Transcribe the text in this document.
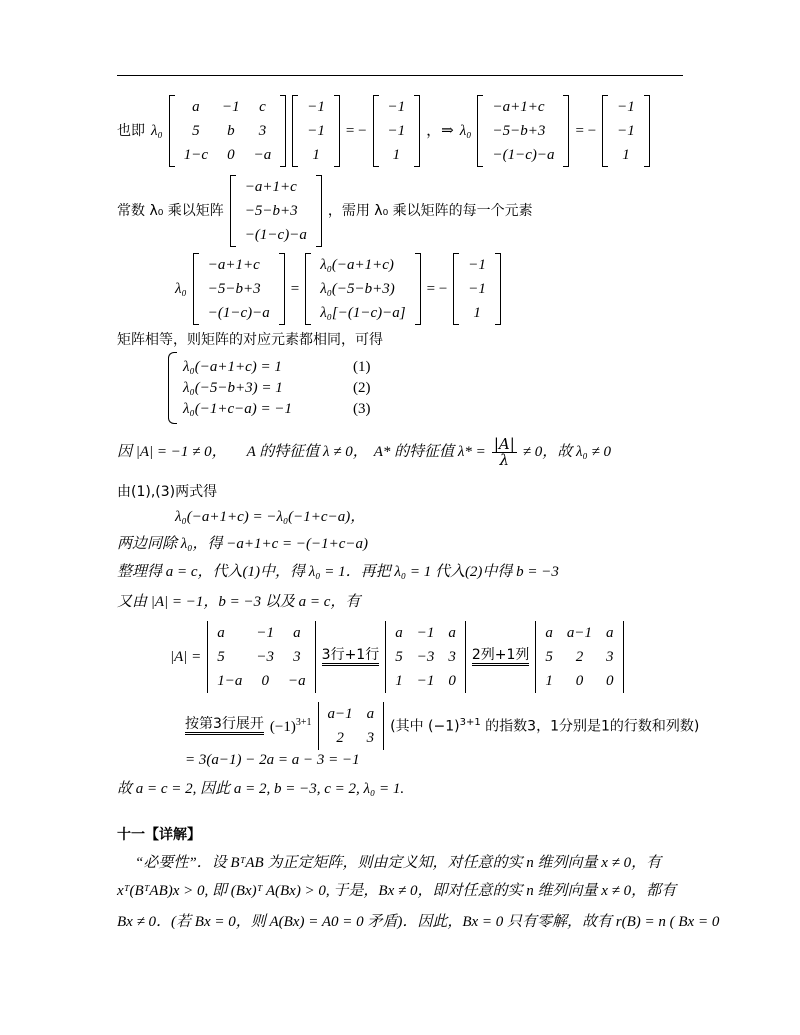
也即 λ₀
a	−1	c
5	b	3
1−c	0	−a
−1
−1
1
= −
−1
−1
1
，⇒ λ₀
−a+1+c
−5−b+3
−(1−c)−a
= −
−1
−1
1
常数 λ₀ 乘以矩阵
−a+1+c
−5−b+3
−(1−c)−a
，需用 λ₀ 乘以矩阵的每一个元素
λ₀
−a+1+c
−5−b+3
−(1−c)−a
=
λ₀(−a+1+c)
λ₀(−5−b+3)
λ₀[−(1−c)−a]
= −
−1
−1
1
矩阵相等，则矩阵的对应元素都相同，可得
λ₀(−a+1+c) = 1	(1)
λ₀(−5−b+3) = 1	(2)
λ₀(−1+c−a) = −1	(3)
因 |A| = −1 ≠ 0， A 的特征值 λ ≠ 0， A* 的特征值 $\lambda* = \frac{|A|}{\lambda} \ne 0$，故 λ₀ ≠ 0
由(1),(3)两式得
λ₀(−a+1+c) = −λ₀(−1+c−a)，
两边同除 λ₀，得 −a+1+c = −(−1+c−a)
整理得 a = c，代入(1)中，得 λ₀ = 1．再把 λ₀ = 1 代入(2)中得 b = −3
又由 |A| = −1，b = −3 以及 a = c，有
|A| =
a	−1	a
5	−3	3
1−a	0	−a
3行+1行
a	−1	a
5	−3	3
1	−1	0
2列+1列
a	a−1	a
5	2	3
1	0	0
按第3行展开 $(-1)^{3+1}$ a−1	a
2	3
(其中 $(-1)^{3+1}$ 的指数3，1分别是1的行数和列数)
= 3(a−1) − 2a = a − 3 = −1
故 a = c = 2, 因此 a = 2, b = −3, c = 2, λ₀ = 1.
十一【详解】
“必要性”．设 BᵀAB 为正定矩阵，则由定义知，对任意的实 n 维列向量 x ≠ 0，有
xᵀ(BᵀAB)x > 0, 即 (Bx)ᵀ A(Bx) > 0, 于是，Bx ≠ 0，即对任意的实 n 维列向量 x ≠ 0，都有
Bx ≠ 0．(若 Bx = 0，则 A(Bx) = A0 = 0 矛盾)．因此，Bx = 0 只有零解，故有 r(B) = n ( Bx = 0
